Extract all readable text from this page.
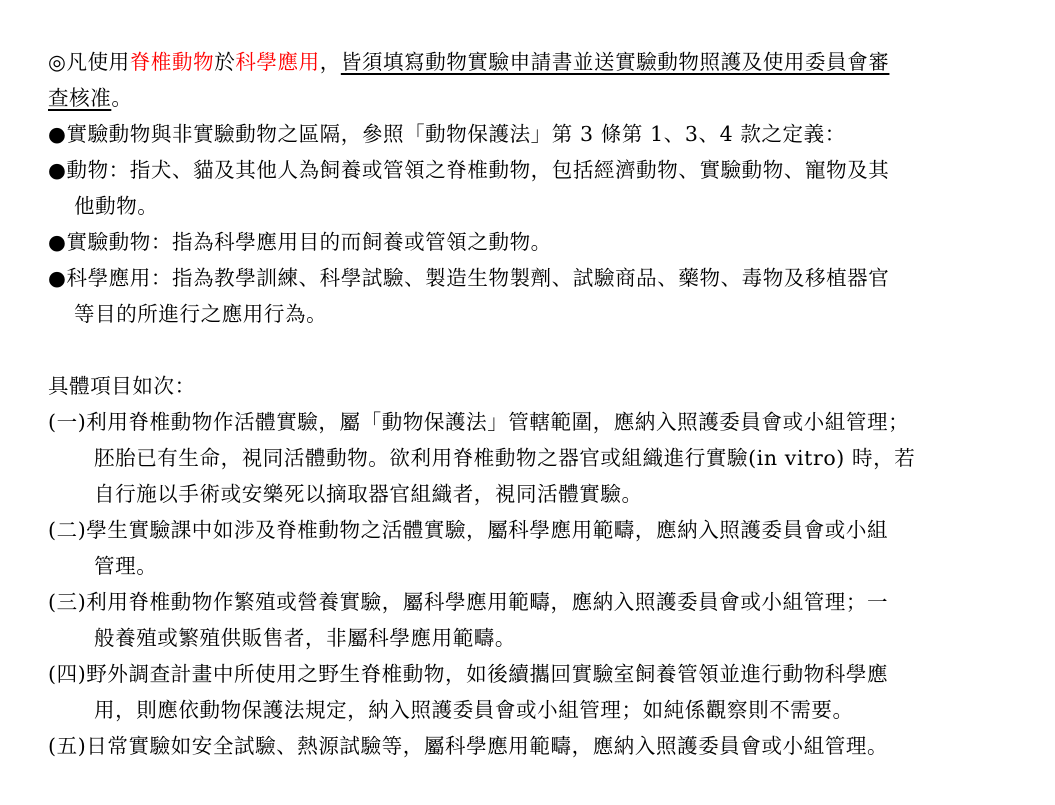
◎凡使用脊椎動物於科學應用，皆須填寫動物實驗申請書並送實驗動物照護及使用委員會審
查核准。
●實驗動物與非實驗動物之區隔，參照「動物保護法」第 3 條第 1、3、4 款之定義：
●動物：指犬、貓及其他人為飼養或管領之脊椎動物，包括經濟動物、實驗動物、寵物及其
他動物。
●實驗動物：指為科學應用目的而飼養或管領之動物。
●科學應用：指為教學訓練、科學試驗、製造生物製劑、試驗商品、藥物、毒物及移植器官
等目的所進行之應用行為。
具體項目如次：
(一)利用脊椎動物作活體實驗，屬「動物保護法」管轄範圍，應納入照護委員會或小組管理；
胚胎已有生命，視同活體動物。欲利用脊椎動物之器官或組織進行實驗(in vitro) 時，若
自行施以手術或安樂死以摘取器官組織者，視同活體實驗。
(二)學生實驗課中如涉及脊椎動物之活體實驗，屬科學應用範疇，應納入照護委員會或小組
管理。
(三)利用脊椎動物作繁殖或營養實驗，屬科學應用範疇，應納入照護委員會或小組管理；一
般養殖或繁殖供販售者，非屬科學應用範疇。
(四)野外調查計畫中所使用之野生脊椎動物，如後續攜回實驗室飼養管領並進行動物科學應
用，則應依動物保護法規定，納入照護委員會或小組管理；如純係觀察則不需要。
(五)日常實驗如安全試驗、熱源試驗等，屬科學應用範疇，應納入照護委員會或小組管理。
